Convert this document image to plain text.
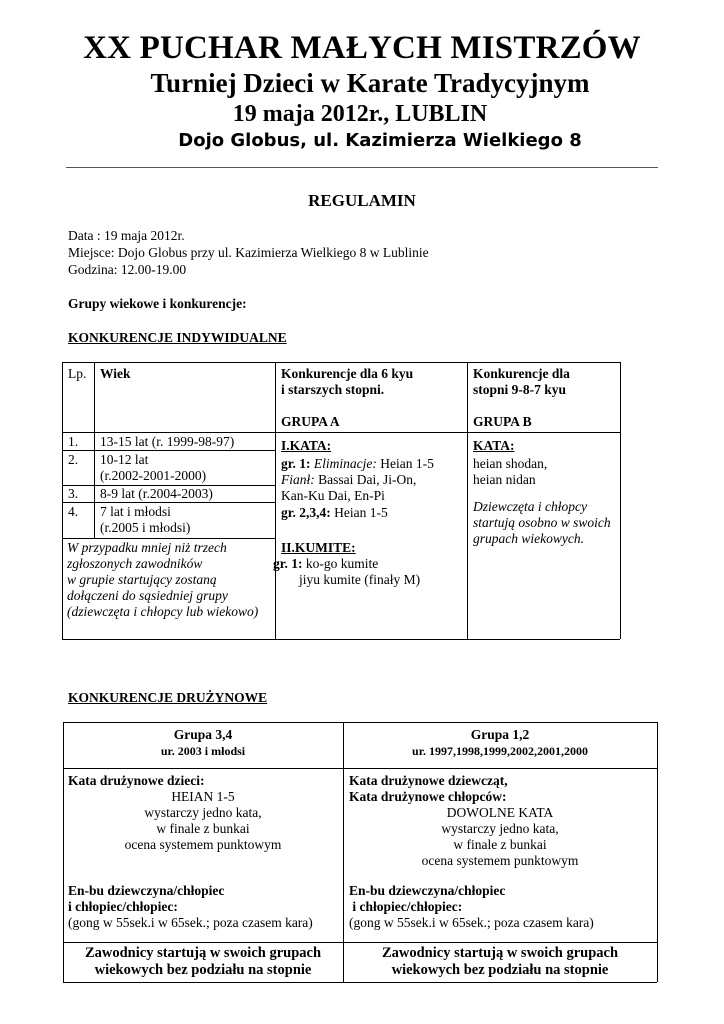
XX PUCHAR MAŁYCH MISTRZÓW
Turniej Dzieci w Karate Tradycyjnym
19 maja 2012r., LUBLIN
Dojo Globus, ul. Kazimierza Wielkiego 8
REGULAMIN
Data : 19 maja 2012r.
Miejsce: Dojo Globus przy ul. Kazimierza Wielkiego 8 w Lublinie
Godzina: 12.00-19.00
Grupy wiekowe i konkurencje:
KONKURENCJE INDYWIDUALNE
Lp. Wiek	Konkurencje dla 6 kyu
i starszych stopni.
GRUPA A
Konkurencje dla
stopni 9-8-7 kyu
GRUPA B
1. 13-15 lat (r. 1999-98-97)
2. 10-12 lat
(r.2002-2001-2000)
3. 8-9 lat (r.2004-2003)
4. 7 lat i młodsi
(r.2005 i młodsi)
W przypadku mniej niż trzech
zgłoszonych zawodników
w grupie startujący zostaną
dołączeni do sąsiedniej grupy
(dziewczęta i chłopcy lub wiekowo)
I.KATA:
gr. 1: Eliminacje: Heian 1-5
Fianł: Bassai Dai, Ji-On,
Kan-Ku Dai, En-Pi
gr. 2,3,4: Heian 1-5
II.KUMITE:
gr. 1: ko-go kumite
jiyu kumite (finały M)
KATA:
heian shodan,
heian nidan
Dziewczęta i chłopcy
startują osobno w swoich
grupach wiekowych.
KONKURENCJE DRUŻYNOWE
Grupa 3,4
ur. 2003 i młodsi
Grupa 1,2
ur. 1997,1998,1999,2002,2001,2000
Kata drużynowe dzieci:
HEIAN 1-5
wystarczy jedno kata,
w finale z bunkai
ocena systemem punktowym
En-bu dziewczyna/chłopiec
i chłopiec/chłopiec:
(gong w 55sek.i w 65sek.; poza czasem kara)
Kata drużynowe dziewcząt,
Kata drużynowe chłopców:
DOWOLNE KATA
wystarczy jedno kata,
w finale z bunkai
ocena systemem punktowym
En-bu dziewczyna/chłopiec
i chłopiec/chłopiec:
(gong w 55sek.i w 65sek.; poza czasem kara)
Zawodnicy startują w swoich grupach
wiekowych bez podziału na stopnie
Zawodnicy startują w swoich grupach
wiekowych bez podziału na stopnie
